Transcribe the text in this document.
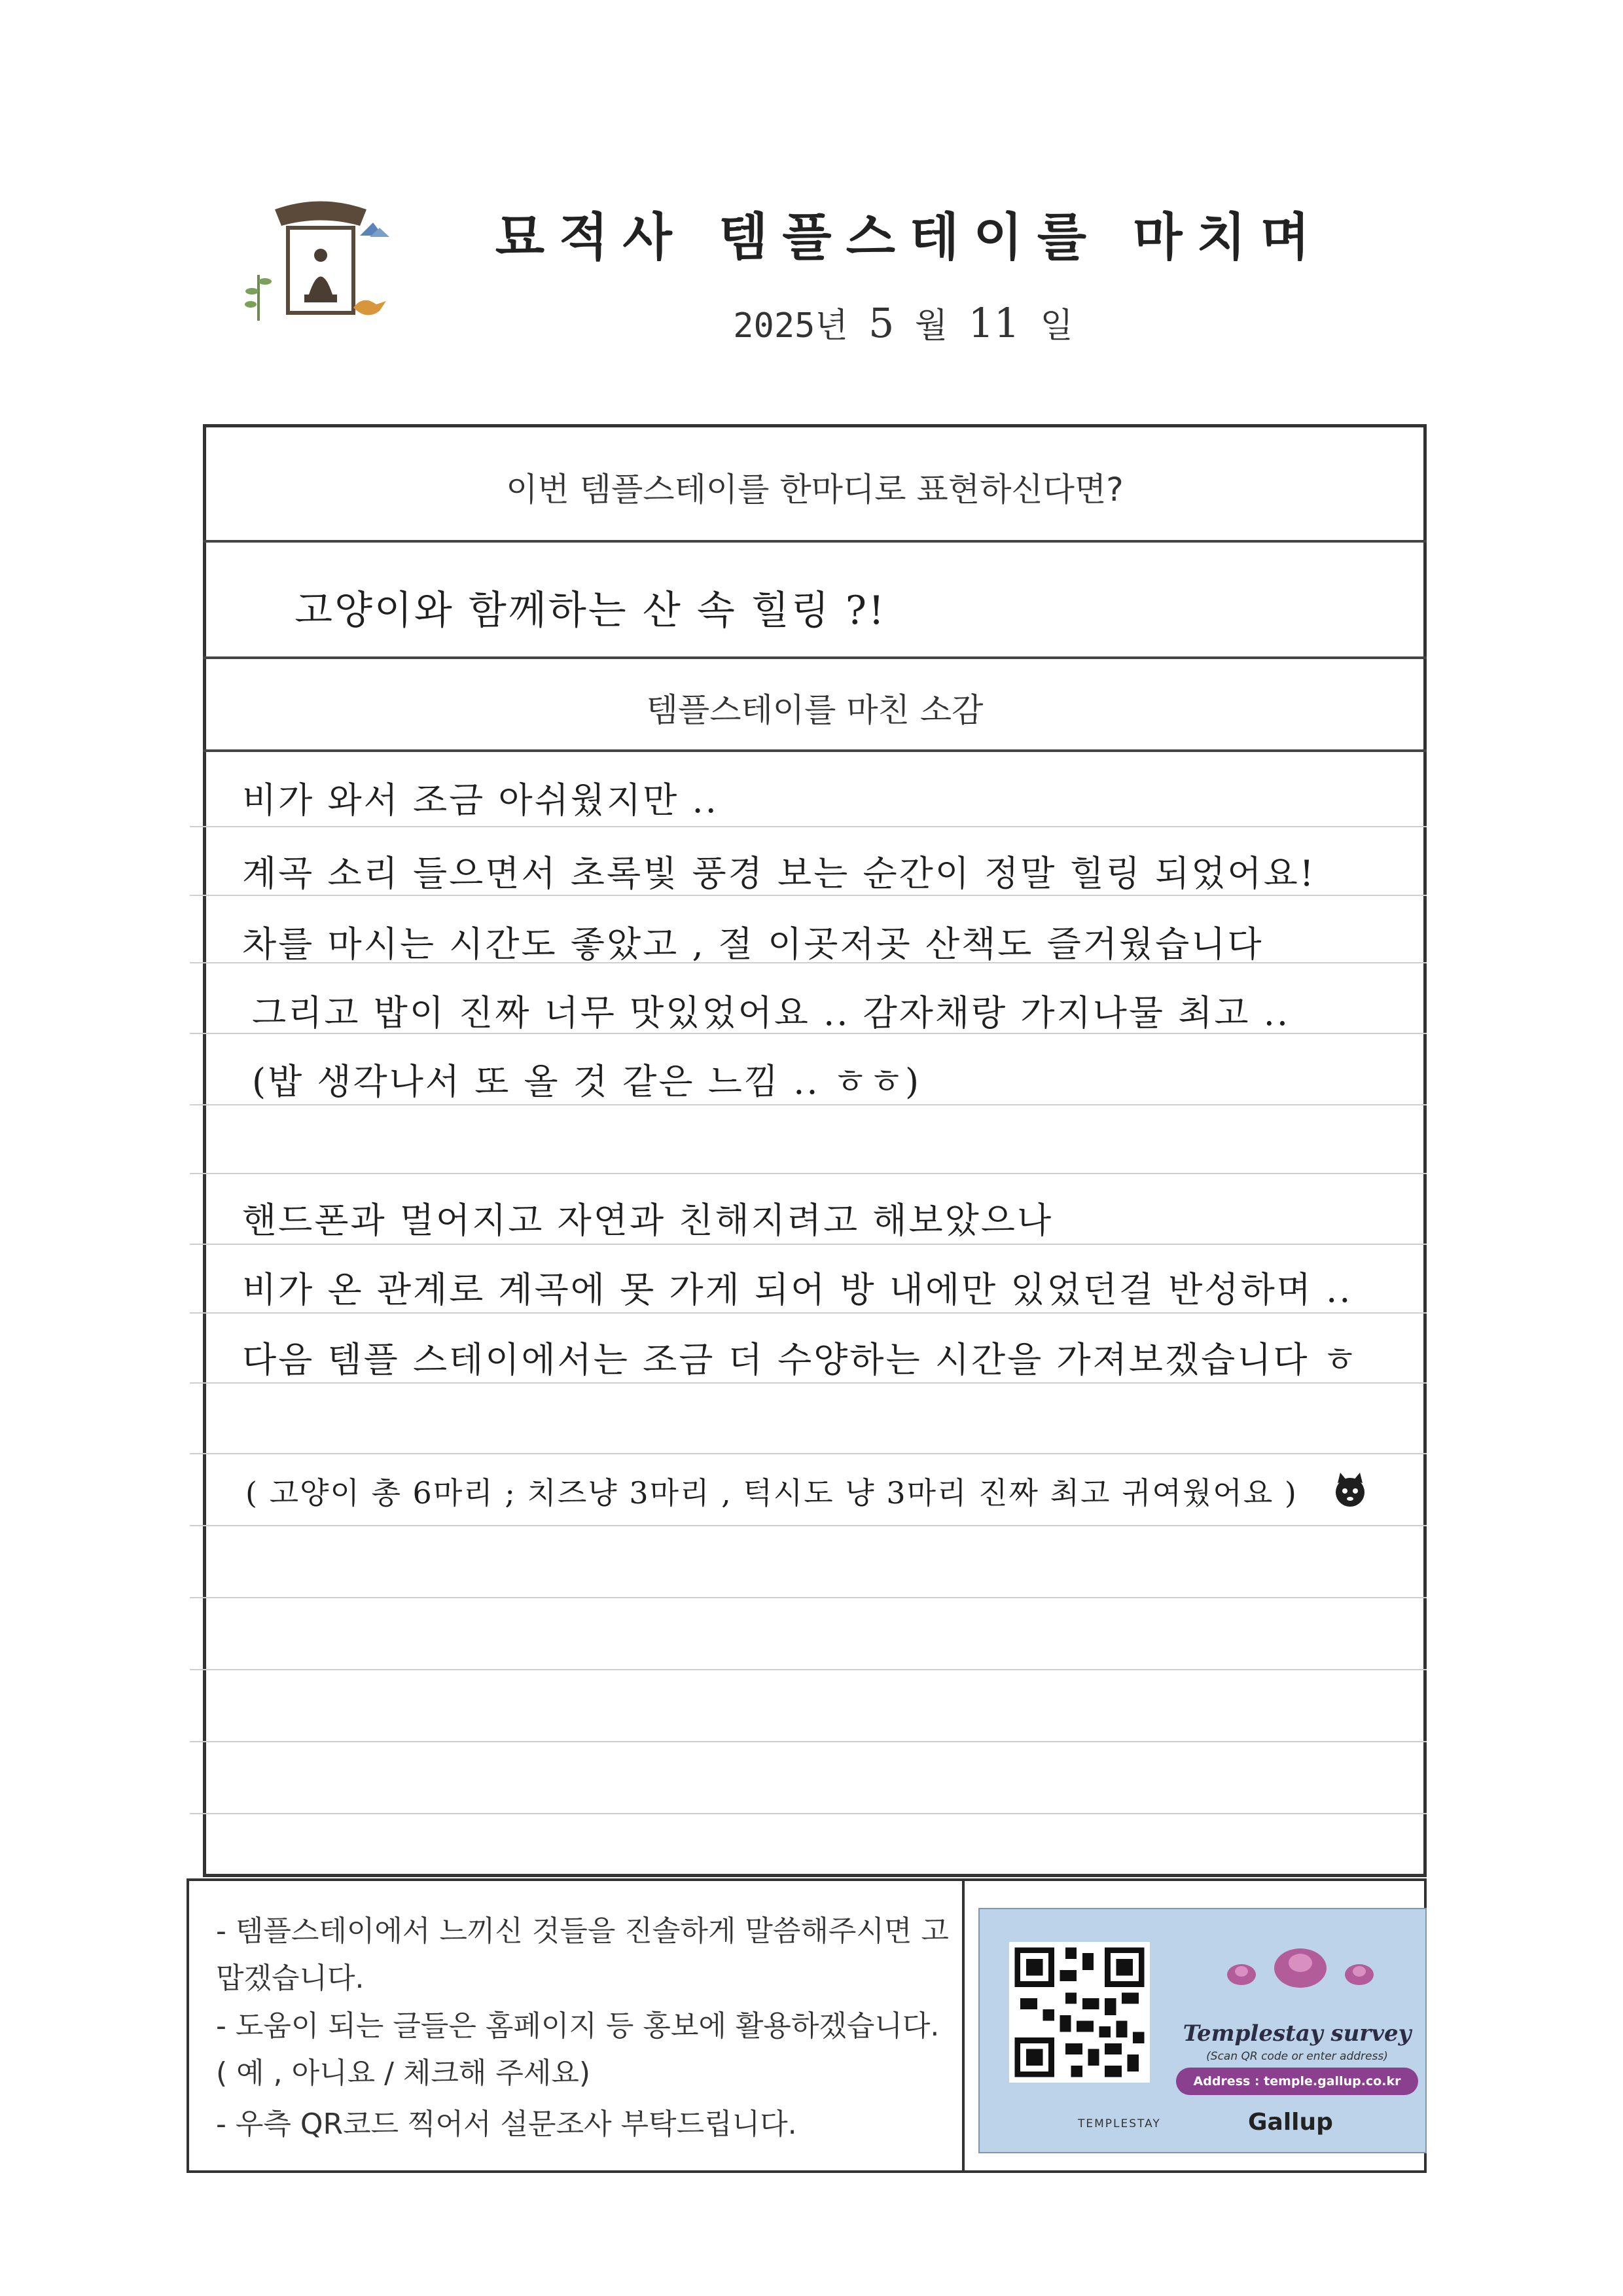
묘적사 템플스테이를 마치며
2025년 5 월 11 일
이번 템플스테이를 한마디로 표현하신다면?
고양이와 함께하는 산 속 힐링 ?!
템플스테이를 마친 소감
비가 와서 조금 아쉬웠지만 ..
계곡 소리 들으면서 초록빛 풍경 보는 순간이 정말 힐링 되었어요!
차를 마시는 시간도 좋았고 , 절 이곳저곳 산책도 즐거웠습니다
그리고 밥이 진짜 너무 맛있었어요 .. 감자채랑 가지나물 최고 ..
(밥 생각나서 또 올 것 같은 느낌 .. ㅎㅎ)
핸드폰과 멀어지고 자연과 친해지려고 해보았으나
비가 온 관계로 계곡에 못 가게 되어 방 내에만 있었던걸 반성하며 ..
다음 템플 스테이에서는 조금 더 수양하는 시간을 가져보겠습니다 ㅎ
( 고양이 총 6마리 ; 치즈냥 3마리 , 턱시도 냥 3마리 진짜 최고 귀여웠어요 )
- 템플스테이에서 느끼신 것들을 진솔하게 말씀해주시면 고맙겠습니다.
- 도움이 되는 글들은 홈페이지 등 홍보에 활용하겠습니다. ( 예 , 아니요 / 체크해 주세요)
- 우측 QR코드 찍어서 설문조사 부탁드립니다.
Templestay survey
(Scan QR code or enter address)
Address : temple.gallup.co.kr
TEMPLESTAY	Gallup
